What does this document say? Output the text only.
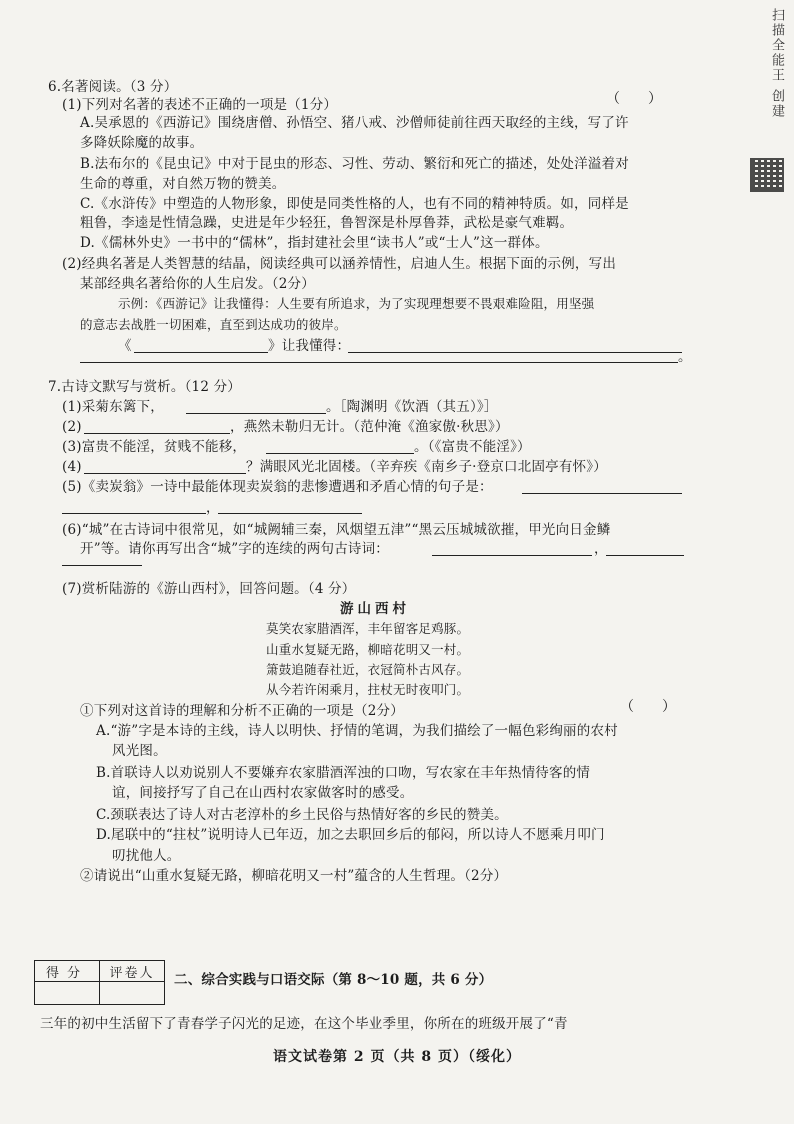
扫描全能王 创建
6.名著阅读。（3 分）
(1)下列对名著的表述不正确的一项是（1分）	（　　）
A.吴承恩的《西游记》围绕唐僧、孙悟空、猪八戒、沙僧师徒前往西天取经的主线，写了许
多降妖除魔的故事。
B.法布尔的《昆虫记》中对于昆虫的形态、习性、劳动、繁衍和死亡的描述，处处洋溢着对
生命的尊重，对自然万物的赞美。
C.《水浒传》中塑造的人物形象，即使是同类性格的人，也有不同的精神特质。如，同样是
粗鲁，李逵是性情急躁，史进是年少轻狂，鲁智深是朴厚鲁莽，武松是豪气难羁。
D.《儒林外史》一书中的“儒林”，指封建社会里“读书人”或“士人”这一群体。
(2)经典名著是人类智慧的结晶，阅读经典可以涵养情性，启迪人生。根据下面的示例，写出
某部经典名著给你的人生启发。（2分）
示例：《西游记》让我懂得：人生要有所追求，为了实现理想要不畏艰难险阻，用坚强
的意志去战胜一切困难，直至到达成功的彼岸。
《	》让我懂得：
。
7.古诗文默写与赏析。（12 分）
(1)采菊东篱下，	。［陶渊明《饮酒（其五）》］
(2)	，燕然未勒归无计。（范仲淹《渔家傲·秋思》）
(3)富贵不能淫，贫贱不能移，	。（《富贵不能淫》）
(4)	？满眼风光北固楼。（辛弃疾《南乡子·登京口北固亭有怀》）
(5)《卖炭翁》一诗中最能体现卖炭翁的悲惨遭遇和矛盾心情的句子是：
，
(6)“城”在古诗词中很常见，如“城阙辅三秦，风烟望五津”“黑云压城城欲摧，甲光向日金鳞
开”等。请你再写出含“城”字的连续的两句古诗词：	，
(7)赏析陆游的《游山西村》，回答问题。（4 分）
游山西村
莫笑农家腊酒浑，丰年留客足鸡豚。
山重水复疑无路，柳暗花明又一村。
箫鼓追随春社近，衣冠简朴古风存。
从今若许闲乘月，拄杖无时夜叩门。
①下列对这首诗的理解和分析不正确的一项是（2分）	（　　）
A.“游”字是本诗的主线，诗人以明快、抒情的笔调，为我们描绘了一幅色彩绚丽的农村
风光图。
B.首联诗人以劝说别人不要嫌弃农家腊酒浑浊的口吻，写农家在丰年热情待客的情
谊，间接抒写了自己在山西村农家做客时的感受。
C.颈联表达了诗人对古老淳朴的乡土民俗与热情好客的乡民的赞美。
D.尾联中的“拄杖”说明诗人已年迈，加之去职回乡后的郁闷，所以诗人不愿乘月叩门
叨扰他人。
②请说出“山重水复疑无路，柳暗花明又一村”蕴含的人生哲理。（2分）
得分	评卷人
	二、综合实践与口语交际（第 8～10 题，共 6 分）
三年的初中生活留下了青春学子闪光的足迹，在这个毕业季里，你所在的班级开展了“青
语文试卷第 2 页（共 8 页）（绥化）
